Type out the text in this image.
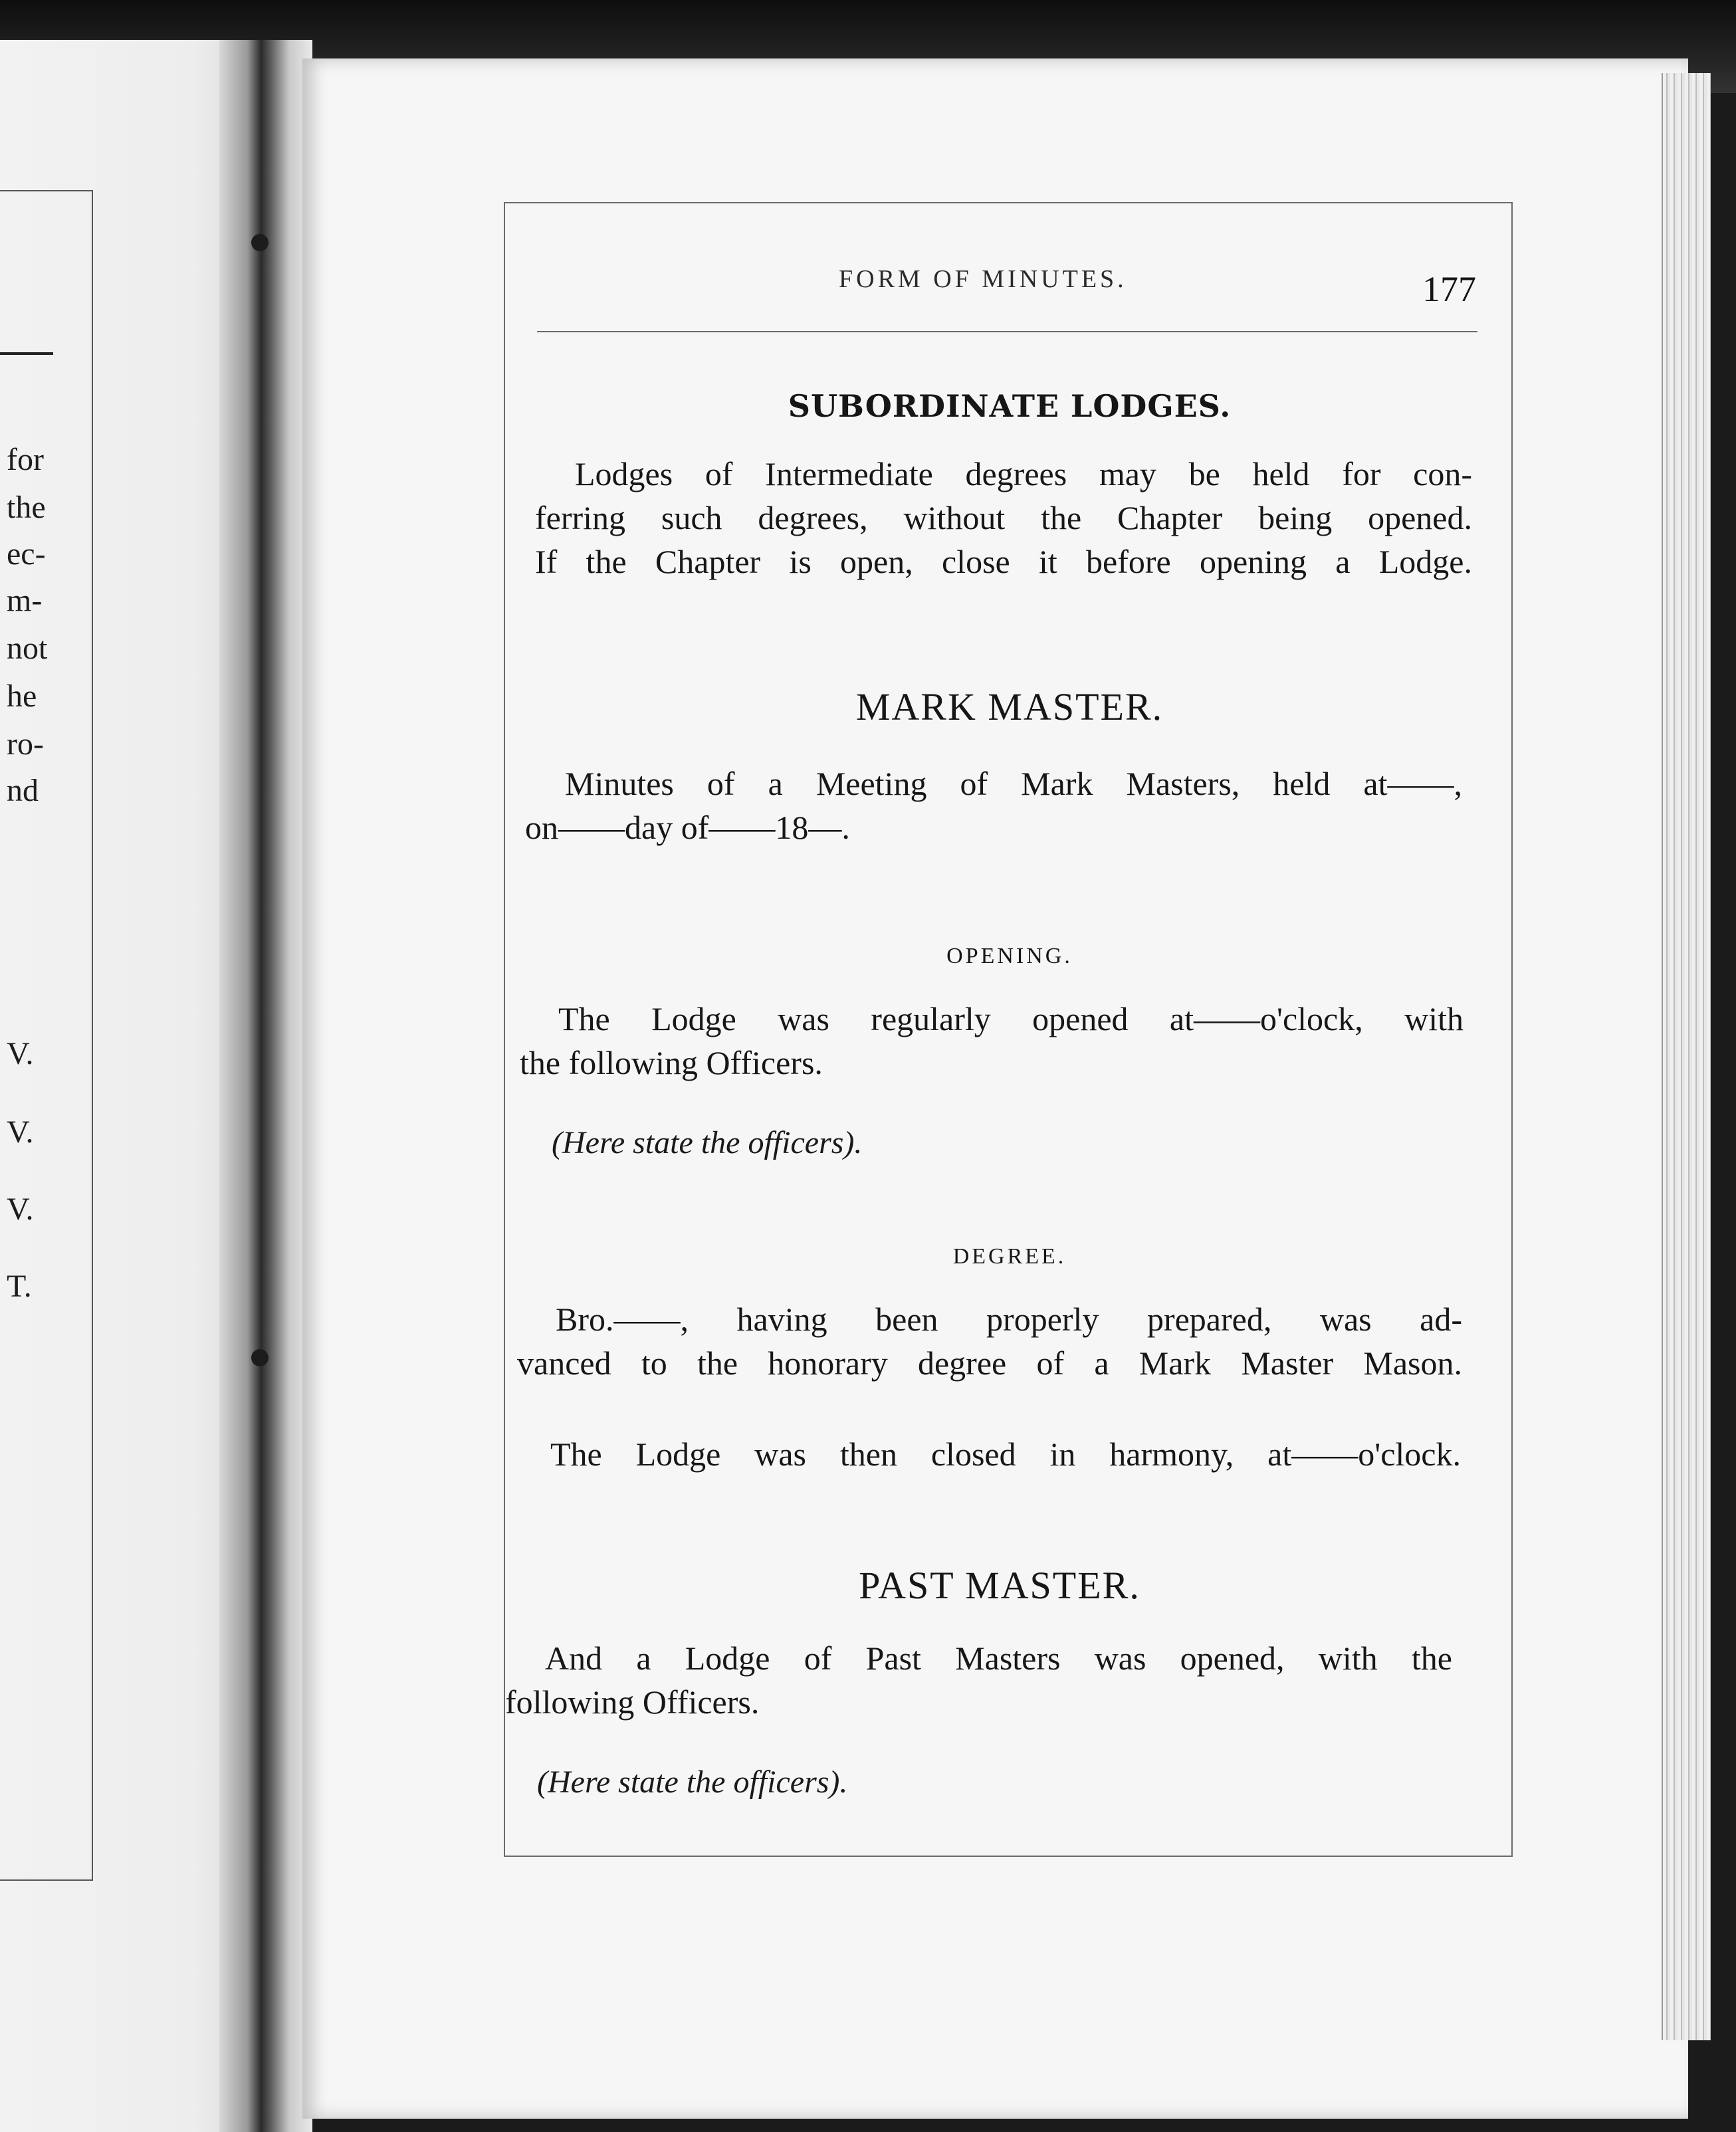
for
the
ec-
m-
not
he
ro-
nd
V.
V.
V.
T.
FORM OF MINUTES.	177
SUBORDINATE LODGES.
Lodges of Intermediate degrees may be held for con-
ferring such degrees, without the Chapter being opened.
If the Chapter is open, close it before opening a Lodge.
MARK MASTER.
Minutes of a Meeting of Mark Masters, held at——,
on——day of——18—.
OPENING.
The Lodge was regularly opened at——o'clock, with
the following Officers.
(Here state the officers).
DEGREE.
Bro.——, having been properly prepared, was ad-
vanced to the honorary degree of a Mark Master Mason.
The Lodge was then closed in harmony, at——o'clock.
PAST MASTER.
And a Lodge of Past Masters was opened, with the
following Officers.
(Here state the officers).
